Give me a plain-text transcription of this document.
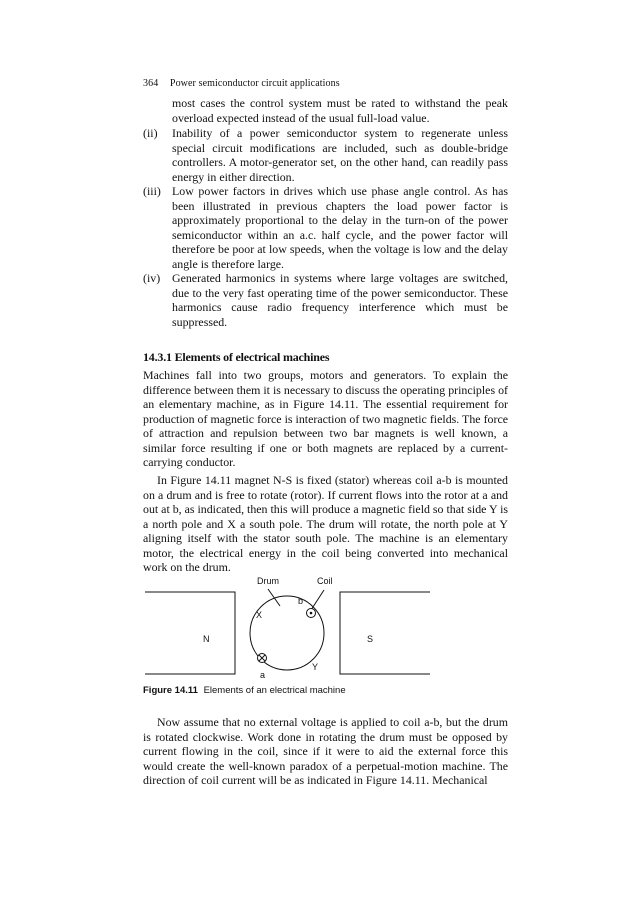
364 Power semiconductor circuit applications
most cases the control system must be rated to withstand the peak overload expected instead of the usual full-load value.
(ii) Inability of a power semiconductor system to regenerate unless special circuit modifications are included, such as double-bridge controllers. A motor-generator set, on the other hand, can readily pass energy in either direction.
(iii) Low power factors in drives which use phase angle control. As has been illustrated in previous chapters the load power factor is approximately proportional to the delay in the turn-on of the power semiconductor within an a.c. half cycle, and the power factor will therefore be poor at low speeds, when the voltage is low and the delay angle is therefore large.
(iv) Generated harmonics in systems where large voltages are switched, due to the very fast operating time of the power semiconductor. These harmonics cause radio frequency interference which must be suppressed.
14.3.1 Elements of electrical machines

Machines fall into two groups, motors and generators. To explain the difference between them it is necessary to discuss the operating principles of an elementary machine, as in Figure 14.11. The essential requirement for production of magnetic force is interaction of two magnetic fields. The force of attraction and repulsion between two bar magnets is well known, a similar force resulting if one or both magnets are replaced by a current-carrying conductor.

In Figure 14.11 magnet N-S is fixed (stator) whereas coil a-b is mounted on a drum and is free to rotate (rotor). If current flows into the rotor at a and out at b, as indicated, then this will produce a magnetic field so that side Y is a north pole and X a south pole. The drum will rotate, the north pole at Y aligning itself with the stator south pole. The machine is an elementary motor, the electrical energy in the coil being converted into mechanical work on the drum.

Drum	Coil
N	S
X
Y
a
b
Figure 14.11 Elements of an electrical machine

Now assume that no external voltage is applied to coil a-b, but the drum is rotated clockwise. Work done in rotating the drum must be opposed by current flowing in the coil, since if it were to aid the external force this would create the well-known paradox of a perpetual-motion machine. The direction of coil current will be as indicated in Figure 14.11. Mechanical
